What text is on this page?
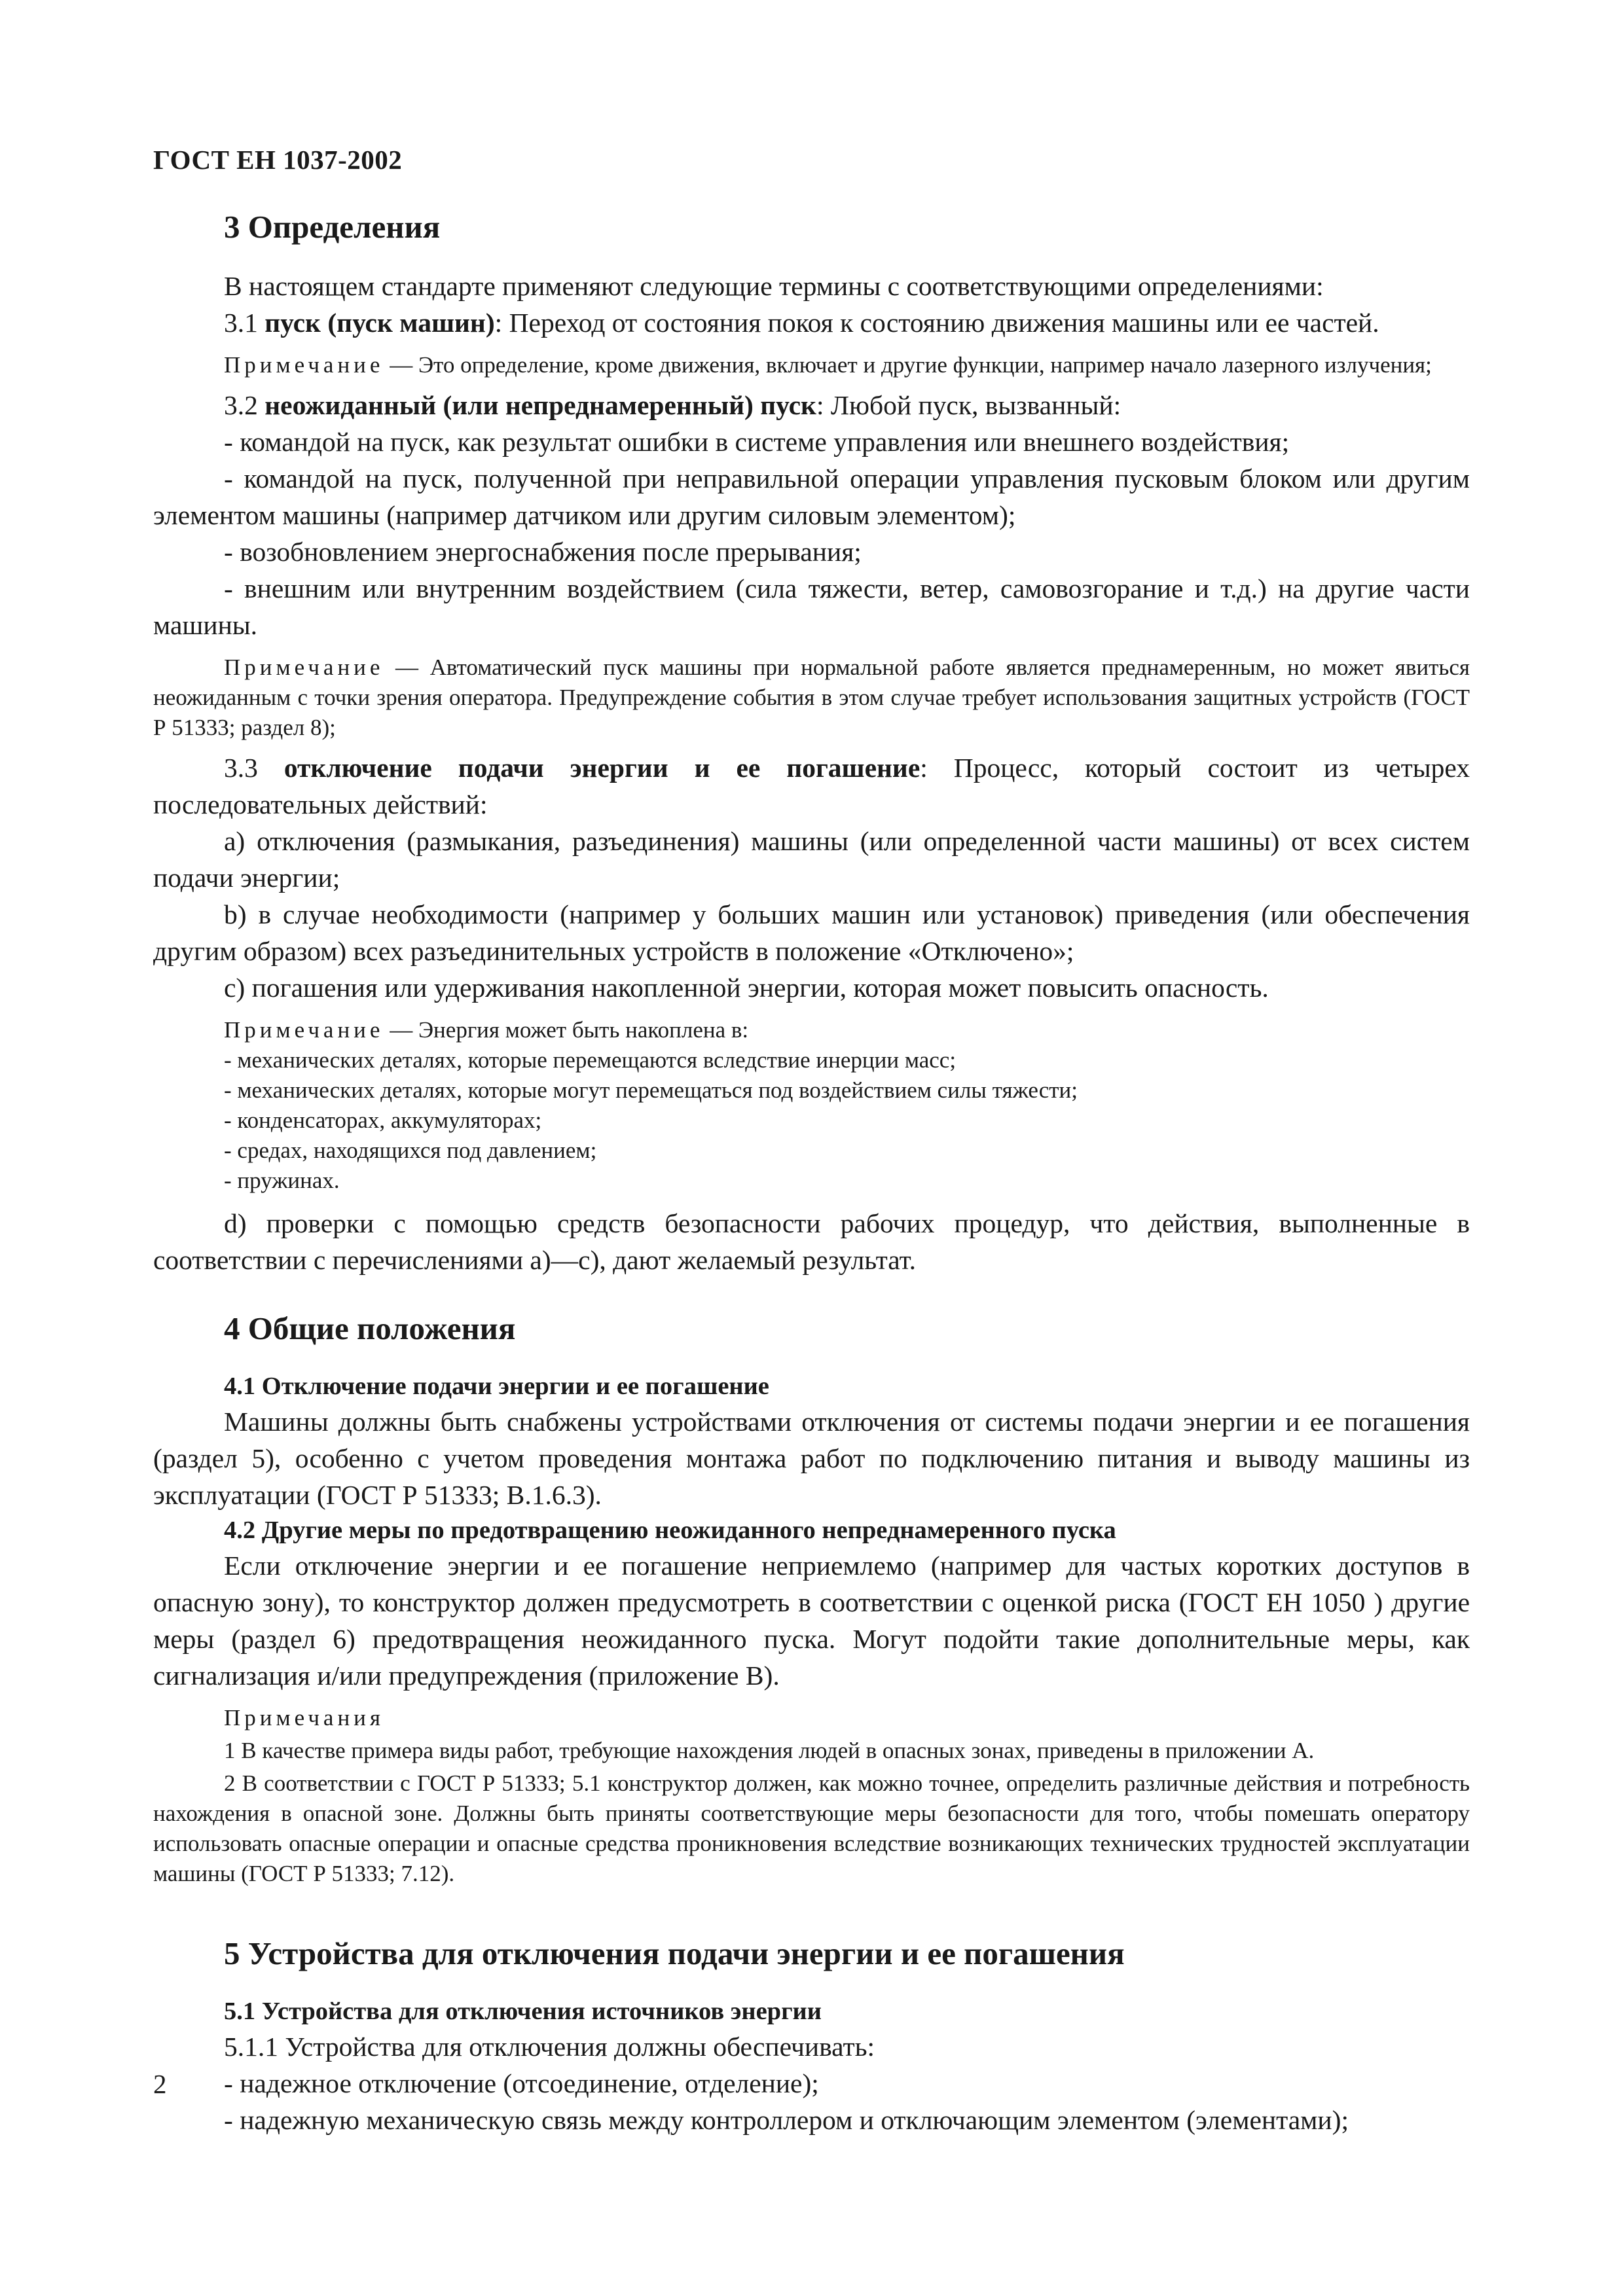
ГОСТ ЕН 1037-2002
3 Определения

В настоящем стандарте применяют следующие термины с соответствующими определениями:

3.1 пуск (пуск машин): Переход от состояния покоя к состоянию движения машины или ее частей.

Примечание — Это определение, кроме движения, включает и другие функции, например начало лазерного излучения;

3.2 неожиданный (или непреднамеренный) пуск: Любой пуск, вызванный:

- командой на пуск, как результат ошибки в системе управления или внешнего воздействия;

- командой на пуск, полученной при неправильной операции управления пусковым блоком или другим элементом машины (например датчиком или другим силовым элементом);

- возобновлением энергоснабжения после прерывания;

- внешним или внутренним воздействием (сила тяжести, ветер, самовозгорание и т.д.) на другие части машины.

Примечание — Автоматический пуск машины при нормальной работе является преднамеренным, но может явиться неожиданным с точки зрения оператора. Предупреждение события в этом случае требует использования защитных устройств (ГОСТ Р 51333; раздел 8);

3.3 отключение подачи энергии и ее погашение: Процесс, который состоит из четырех последовательных действий:

a) отключения (размыкания, разъединения) машины (или определенной части машины) от всех систем подачи энергии;

b) в случае необходимости (например у больших машин или установок) приведения (или обеспечения другим образом) всех разъединительных устройств в положение «Отключено»;

c) погашения или удерживания накопленной энергии, которая может повысить опасность.

Примечание — Энергия может быть накоплена в:

- механических деталях, которые перемещаются вследствие инерции масс;

- механических деталях, которые могут перемещаться под воздействием силы тяжести;

- конденсаторах, аккумуляторах;

- средах, находящихся под давлением;

- пружинах.

d) проверки с помощью средств безопасности рабочих процедур, что действия, выполненные в соответствии с перечислениями a)—c), дают желаемый результат.

4 Общие положения

4.1 Отключение подачи энергии и ее погашение

Машины должны быть снабжены устройствами отключения от системы подачи энергии и ее погашения (раздел 5), особенно с учетом проведения монтажа работ по подключению питания и выводу машины из эксплуатации (ГОСТ Р 51333; B.1.6.3).

4.2 Другие меры по предотвращению неожиданного непреднамеренного пуска

Если отключение энергии и ее погашение неприемлемо (например для частых коротких доступов в опасную зону), то конструктор должен предусмотреть в соответствии с оценкой риска (ГОСТ ЕН 1050 ) другие меры (раздел 6) предотвращения неожиданного пуска. Могут подойти такие дополнительные меры, как сигнализация и/или предупреждения (приложение B).

Примечания

1 В качестве примера виды работ, требующие нахождения людей в опасных зонах, приведены в приложении А.

2 В соответствии с ГОСТ Р 51333; 5.1 конструктор должен, как можно точнее, определить различные действия и потребность нахождения в опасной зоне. Должны быть приняты соответствующие меры безопасности для того, чтобы помешать оператору использовать опасные операции и опасные средства проникновения вследствие возникающих технических трудностей эксплуатации машины (ГОСТ Р 51333; 7.12).

5 Устройства для отключения подачи энергии и ее погашения

5.1 Устройства для отключения источников энергии

5.1.1 Устройства для отключения должны обеспечивать:

- надежное отключение (отсоединение, отделение);

- надежную механическую связь между контроллером и отключающим элементом (элементами);

2
